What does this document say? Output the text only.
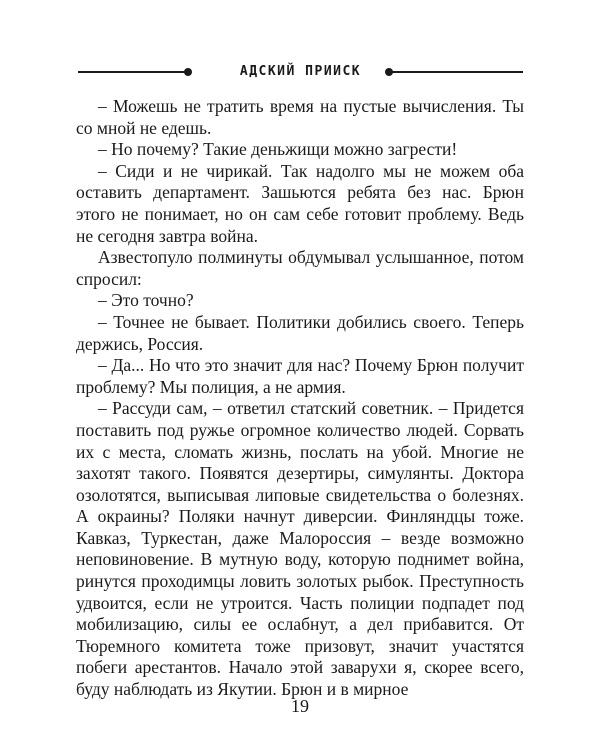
АДСКИЙ ПРИИСК

– Можешь не тратить время на пустые вычисления. Ты со мной не едешь.

– Но почему? Такие деньжищи можно загрести!

– Сиди и не чирикай. Так надолго мы не можем оба оставить департамент. Зашьются ребята без нас. Брюн этого не понимает, но он сам себе готовит проблему. Ведь не сегодня завтра война.

Азвестопуло полминуты обдумывал услышанное, потом спросил:

– Это точно?

– Точнее не бывает. Политики добились своего. Теперь держись, Россия.

– Да... Но что это значит для нас? Почему Брюн получит проблему? Мы полиция, а не армия.

– Рассуди сам, – ответил статский советник. – Придется поставить под ружье огромное количество людей. Сорвать их с места, сломать жизнь, послать на убой. Многие не захотят такого. Появятся дезертиры, симулянты. Доктора озолотятся, выписывая липовые свидетельства о болезнях. А окраины? Поляки начнут диверсии. Финляндцы тоже. Кавказ, Туркестан, даже Малороссия – везде возможно неповиновение. В мутную воду, которую поднимет война, ринутся проходимцы ловить золотых рыбок. Преступность удвоится, если не утроится. Часть полиции подпадет под мобилизацию, силы ее ослабнут, а дел прибавится. От Тюремного комитета тоже призовут, значит участятся побеги арестантов. Начало этой заварухи я, скорее всего, буду наблюдать из Якутии. Брюн и в мирное

19
